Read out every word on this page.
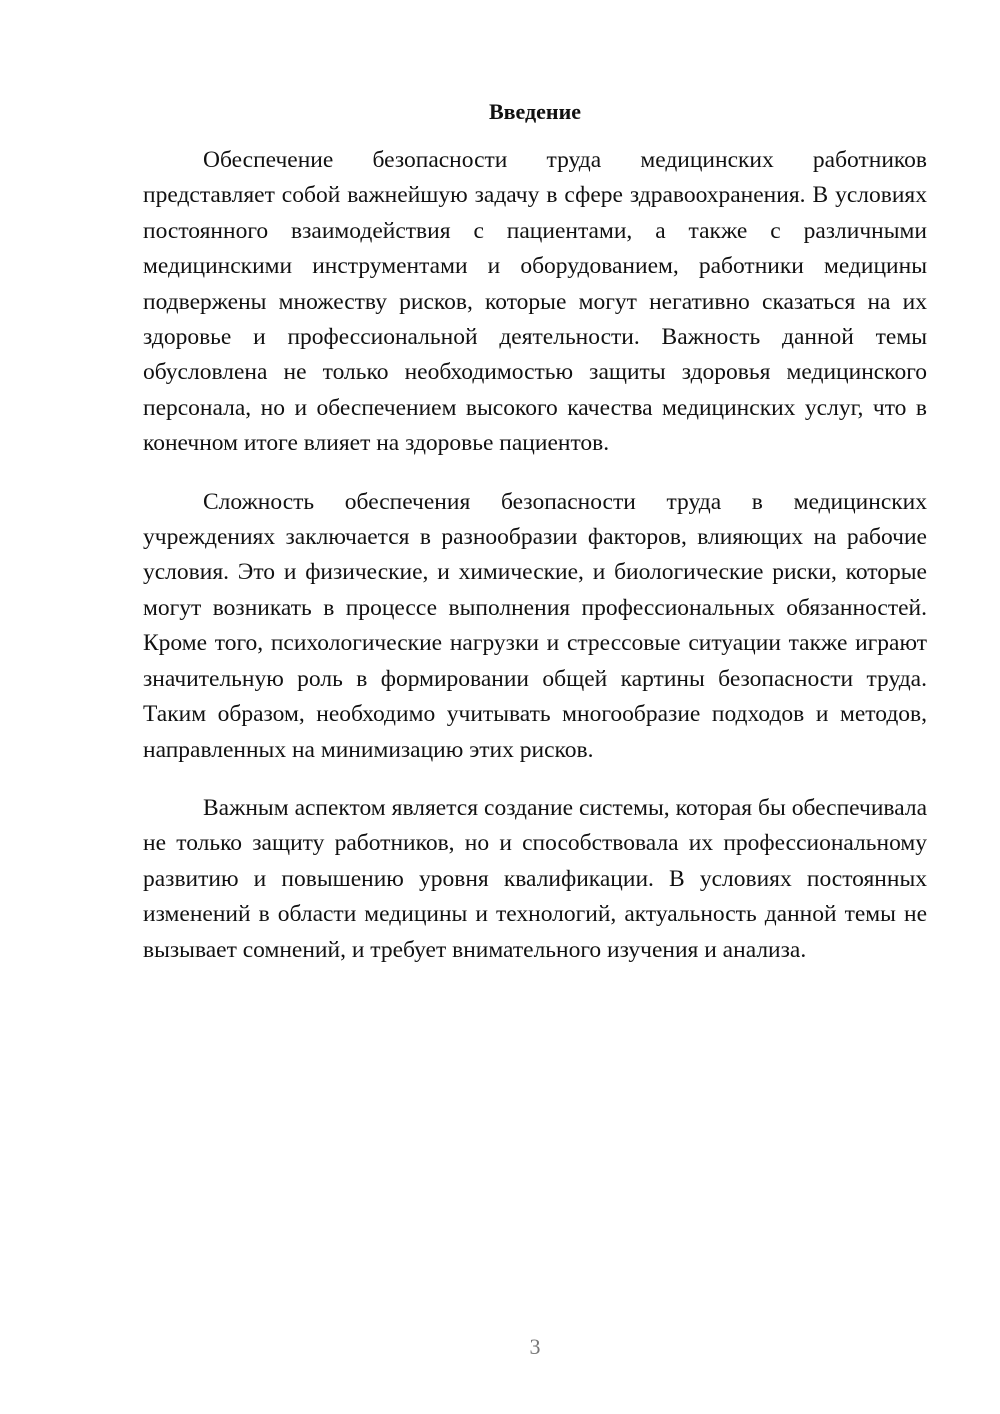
Введение

Обеспечение безопасности труда медицинских работников представляет собой важнейшую задачу в сфере здравоохранения. В условиях постоянного взаимодействия с пациентами, а также с различными медицинскими инструментами и оборудованием, работники медицины подвержены множеству рисков, которые могут негативно сказаться на их здоровье и профессиональной деятельности. Важность данной темы обусловлена не только необходимостью защиты здоровья медицинского персонала, но и обеспечением высокого качества медицинских услуг, что в конечном итоге влияет на здоровье пациентов.

Сложность обеспечения безопасности труда в медицинских учреждениях заключается в разнообразии факторов, влияющих на рабочие условия. Это и физические, и химические, и биологические риски, которые могут возникать в процессе выполнения профессиональных обязанностей. Кроме того, психологические нагрузки и стрессовые ситуации также играют значительную роль в формировании общей картины безопасности труда. Таким образом, необходимо учитывать многообразие подходов и методов, направленных на минимизацию этих рисков.

Важным аспектом является создание системы, которая бы обеспечивала не только защиту работников, но и способствовала их профессиональному развитию и повышению уровня квалификации. В условиях постоянных изменений в области медицины и технологий, актуальность данной темы не вызывает сомнений, и требует внимательного изучения и анализа.

3
